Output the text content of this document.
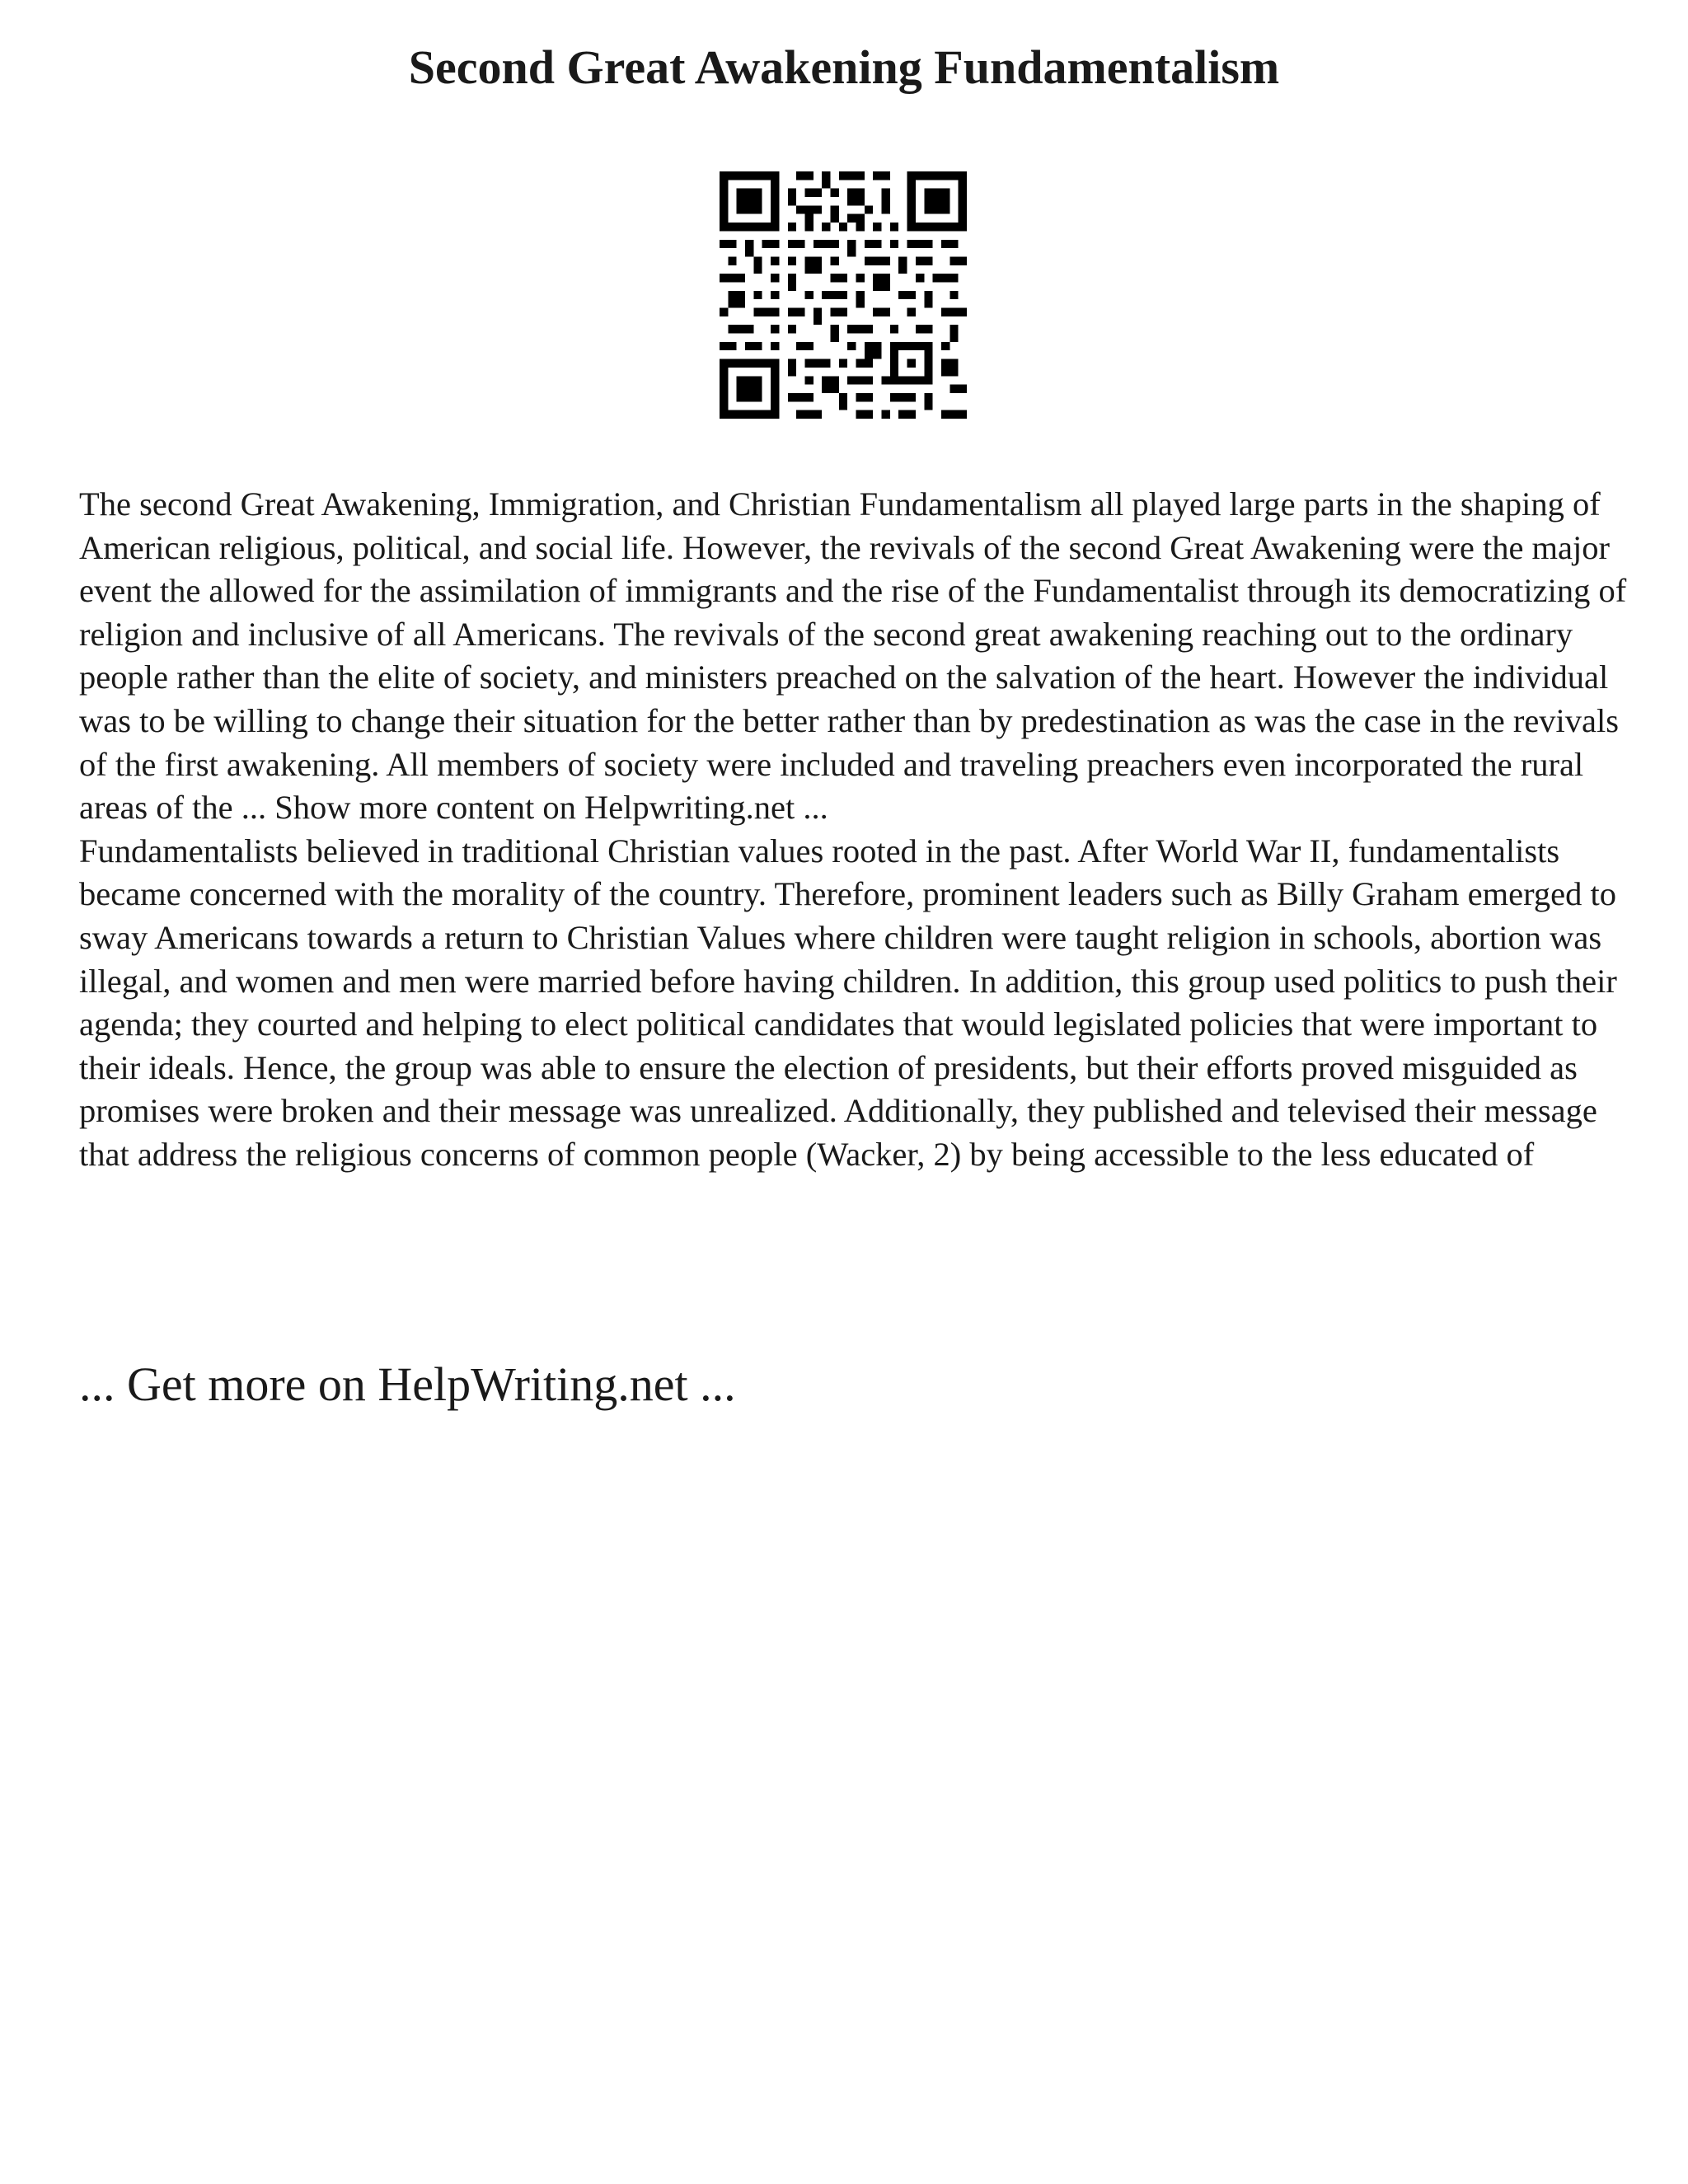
Second Great Awakening Fundamentalism

The second Great Awakening, Immigration, and Christian Fundamentalism all played large parts in the shaping of American religious, political, and social life. However, the revivals of the second Great Awakening were the major event the allowed for the assimilation of immigrants and the rise of the Fundamentalist through its democratizing of religion and inclusive of all Americans. The revivals of the second great awakening reaching out to the ordinary people rather than the elite of society, and ministers preached on the salvation of the heart. However the individual was to be willing to change their situation for the better rather than by predestination as was the case in the revivals of the first awakening. All members of society were included and traveling preachers even incorporated the rural areas of the ... Show more content on Helpwriting.net ...

Fundamentalists believed in traditional Christian values rooted in the past. After World War II, fundamentalists became concerned with the morality of the country. Therefore, prominent leaders such as Billy Graham emerged to sway Americans towards a return to Christian Values where children were taught religion in schools, abortion was illegal, and women and men were married before having children. In addition, this group used politics to push their agenda; they courted and helping to elect political candidates that would legislated policies that were important to their ideals. Hence, the group was able to ensure the election of presidents, but their efforts proved misguided as promises were broken and their message was unrealized. Additionally, they published and televised their message that address the religious concerns of common people (Wacker, 2) by being accessible to the less educated of

... Get more on HelpWriting.net ...
